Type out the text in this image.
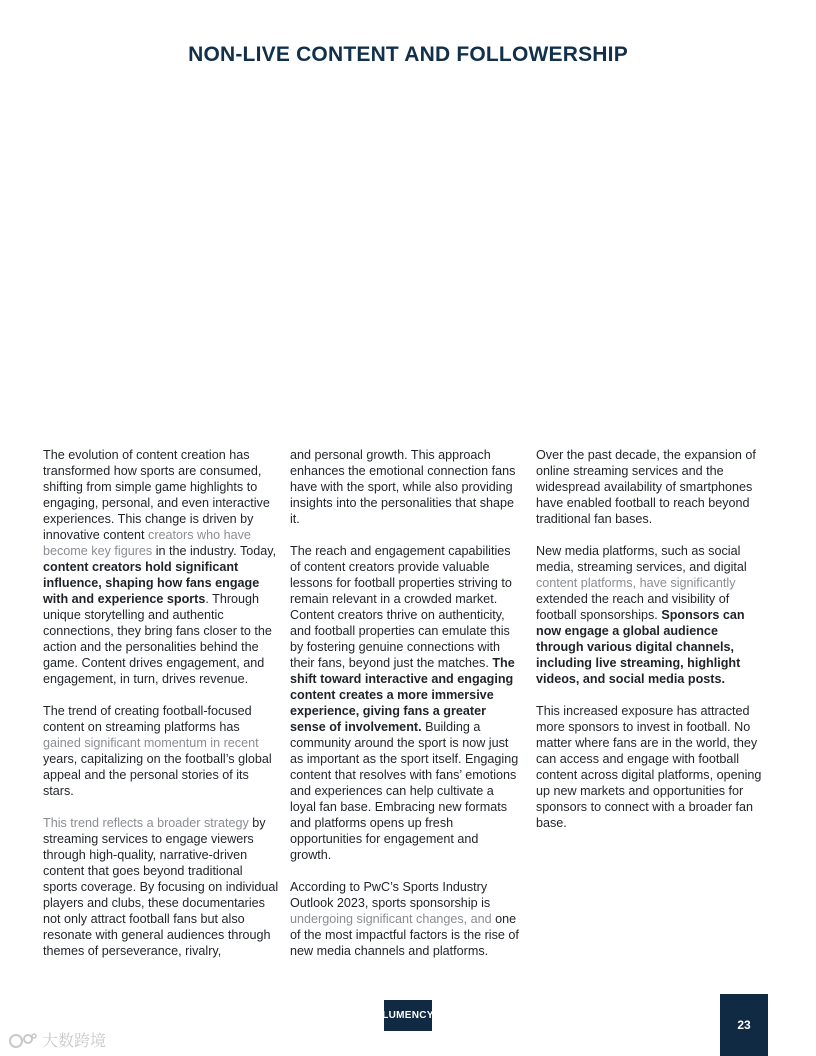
NON-LIVE CONTENT AND FOLLOWERSHIP

The evolution of content creation has transformed how sports are consumed, shifting from simple game highlights to engaging, personal, and even interactive experiences. This change is driven by innovative content creators who have become key figures in the industry. Today, content creators hold significant influence, shaping how fans engage with and experience sports. Through unique storytelling and authentic connections, they bring fans closer to the action and the personalities behind the game. Content drives engagement, and engagement, in turn, drives revenue.

The trend of creating football-focused content on streaming platforms has gained significant momentum in recent years, capitalizing on the football’s global appeal and the personal stories of its stars.

This trend reflects a broader strategy by streaming services to engage viewers through high-quality, narrative-driven content that goes beyond traditional sports coverage. By focusing on individual players and clubs, these documentaries not only attract football fans but also resonate with general audiences through themes of perseverance, rivalry,

and personal growth. This approach enhances the emotional connection fans have with the sport, while also providing insights into the personalities that shape it.

The reach and engagement capabilities of content creators provide valuable lessons for football properties striving to remain relevant in a crowded market. Content creators thrive on authenticity, and football properties can emulate this by fostering genuine connections with their fans, beyond just the matches. The shift toward interactive and engaging content creates a more immersive experience, giving fans a greater sense of involvement. Building a community around the sport is now just as important as the sport itself. Engaging content that resolves with fans’ emotions and experiences can help cultivate a loyal fan base. Embracing new formats and platforms opens up fresh opportunities for engagement and growth.

According to PwC’s Sports Industry Outlook 2023, sports sponsorship is undergoing significant changes, and one of the most impactful factors is the rise of new media channels and platforms.

Over the past decade, the expansion of online streaming services and the widespread availability of smartphones have enabled football to reach beyond traditional fan bases.

New media platforms, such as social media, streaming services, and digital content platforms, have significantly extended the reach and visibility of football sponsorships. Sponsors can now engage a global audience through various digital channels, including live streaming, highlight videos, and social media posts.

This increased exposure has attracted more sponsors to invest in football. No matter where fans are in the world, they can access and engage with football content across digital platforms, opening up new markets and opportunities for sponsors to connect with a broader fan base.

LUMENCY
23
大数跨境
